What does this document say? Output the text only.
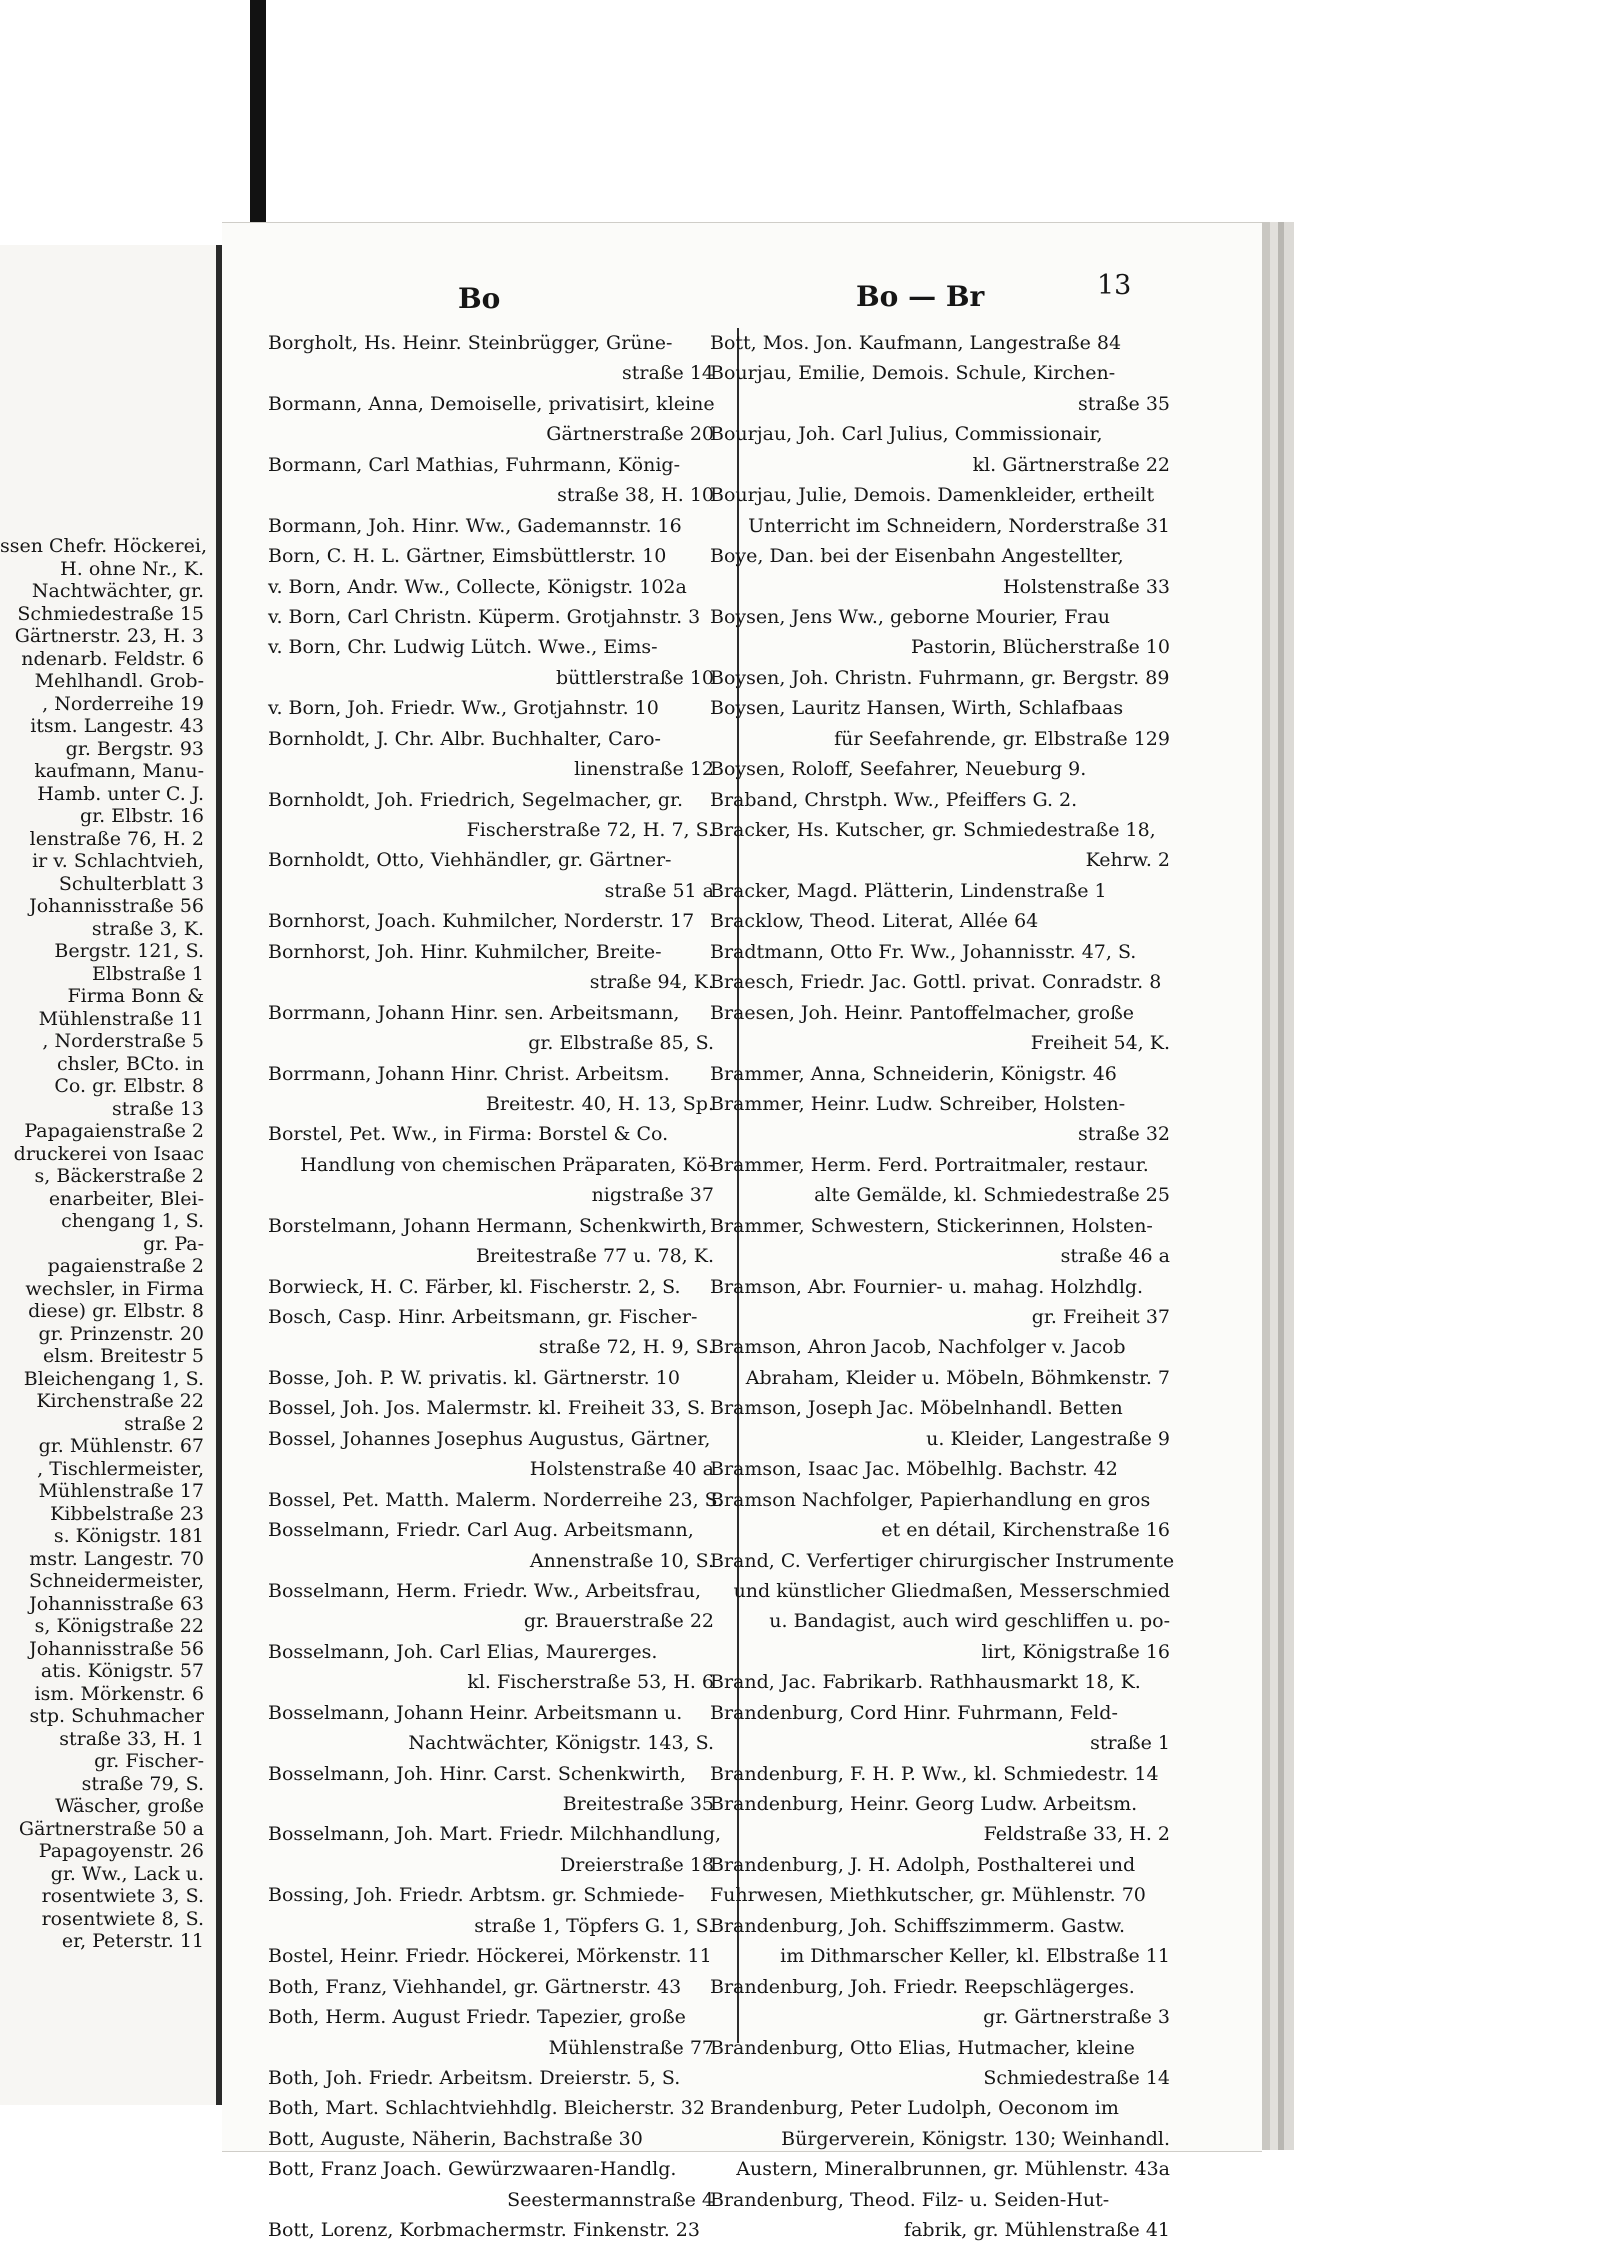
ssen Chefr. Höckerei,
H. ohne Nr., K.
Nachtwächter, gr.
Schmiedestraße 15
Gärtnerstr. 23, H. 3
ndenarb. Feldstr. 6
Mehlhandl. Grob-
, Norderreihe 19
itsm. Langestr. 43
gr. Bergstr. 93
kaufmann, Manu-
Hamb. unter C. J.
gr. Elbstr. 16
lenstraße 76, H. 2
ir v. Schlachtvieh,
Schulterblatt 3
Johannisstraße 56
straße 3, K.
Bergstr. 121, S.
Elbstraße 1
Firma Bonn &
Mühlenstraße 11
, Norderstraße 5
chsler, BCto. in
Co. gr. Elbstr. 8
straße 13
Papagaienstraße 2
druckerei von Isaac
s, Bäckerstraße 2
enarbeiter, Blei-
chengang 1, S.
gr. Pa-
pagaienstraße 2
wechsler, in Firma
diese) gr. Elbstr. 8
gr. Prinzenstr. 20
elsm. Breitestr 5
Bleichengang 1, S.
Kirchenstraße 22
straße 2
gr. Mühlenstr. 67
, Tischlermeister,
Mühlenstraße 17
Kibbelstraße 23
s. Königstr. 181
mstr. Langestr. 70
Schneidermeister,
Johannisstraße 63
s, Königstraße 22
Johannisstraße 56
atis. Königstr. 57
ism. Mörkenstr. 6
stp. Schuhmacher
straße 33, H. 1
gr. Fischer-
straße 79, S.
Wäscher, große
Gärtnerstraße 50 a
Papagoyenstr. 26
gr. Ww., Lack u.
rosentwiete 3, S.
rosentwiete 8, S.
er, Peterstr. 11
Bo	Bo — Br	13
Borgholt, Hs. Heinr. Steinbrügger, Grüne-
straße 14
Bormann, Anna, Demoiselle, privatisirt, kleine
Gärtnerstraße 20
Bormann, Carl Mathias, Fuhrmann, König-
straße 38, H. 10
Bormann, Joh. Hinr. Ww., Gademannstr. 16
Born, C. H. L. Gärtner, Eimsbüttlerstr. 10
v. Born, Andr. Ww., Collecte, Königstr. 102a
v. Born, Carl Christn. Küperm. Grotjahnstr. 3
v. Born, Chr. Ludwig Lütch. Wwe., Eims-
büttlerstraße 10
v. Born, Joh. Friedr. Ww., Grotjahnstr. 10
Bornholdt, J. Chr. Albr. Buchhalter, Caro-
linenstraße 12
Bornholdt, Joh. Friedrich, Segelmacher, gr.
Fischerstraße 72, H. 7, S.
Bornholdt, Otto, Viehhändler, gr. Gärtner-
straße 51 a
Bornhorst, Joach. Kuhmilcher, Norderstr. 17
Bornhorst, Joh. Hinr. Kuhmilcher, Breite-
straße 94, K.
Borrmann, Johann Hinr. sen. Arbeitsmann,
gr. Elbstraße 85, S.
Borrmann, Johann Hinr. Christ. Arbeitsm.
Breitestr. 40, H. 13, Sp.
Borstel, Pet. Ww., in Firma: Borstel & Co.
Handlung von chemischen Präparaten, Kö-
nigstraße 37
Borstelmann, Johann Hermann, Schenkwirth,
Breitestraße 77 u. 78, K.
Borwieck, H. C. Färber, kl. Fischerstr. 2, S.
Bosch, Casp. Hinr. Arbeitsmann, gr. Fischer-
straße 72, H. 9, S.
Bosse, Joh. P. W. privatis. kl. Gärtnerstr. 10
Bossel, Joh. Jos. Malermstr. kl. Freiheit 33, S.
Bossel, Johannes Josephus Augustus, Gärtner,
Holstenstraße 40 a
Bossel, Pet. Matth. Malerm. Norderreihe 23, S.
Bosselmann, Friedr. Carl Aug. Arbeitsmann,
Annenstraße 10, S.
Bosselmann, Herm. Friedr. Ww., Arbeitsfrau,
gr. Brauerstraße 22
Bosselmann, Joh. Carl Elias, Maurerges.
kl. Fischerstraße 53, H. 6
Bosselmann, Johann Heinr. Arbeitsmann u.
Nachtwächter, Königstr. 143, S.
Bosselmann, Joh. Hinr. Carst. Schenkwirth,
Breitestraße 35
Bosselmann, Joh. Mart. Friedr. Milchhandlung,
Dreierstraße 18
Bossing, Joh. Friedr. Arbtsm. gr. Schmiede-
straße 1, Töpfers G. 1, S.
Bostel, Heinr. Friedr. Höckerei, Mörkenstr. 11
Both, Franz, Viehhandel, gr. Gärtnerstr. 43
Both, Herm. August Friedr. Tapezier, große
Mühlenstraße 77
Both, Joh. Friedr. Arbeitsm. Dreierstr. 5, S.
Both, Mart. Schlachtviehhdlg. Bleicherstr. 32
Bott, Auguste, Näherin, Bachstraße 30
Bott, Franz Joach. Gewürzwaaren-Handlg.
Seestermannstraße 4
Bott, Lorenz, Korbmachermstr. Finkenstr. 23
Bott, Mos. Jon. Kaufmann, Langestraße 84
Bourjau, Emilie, Demois. Schule, Kirchen-
straße 35
Bourjau, Joh. Carl Julius, Commissionair,
kl. Gärtnerstraße 22
Bourjau, Julie, Demois. Damenkleider, ertheilt
Unterricht im Schneidern, Norderstraße 31
Boye, Dan. bei der Eisenbahn Angestellter,
Holstenstraße 33
Boysen, Jens Ww., geborne Mourier, Frau
Pastorin, Blücherstraße 10
Boysen, Joh. Christn. Fuhrmann, gr. Bergstr. 89
Boysen, Lauritz Hansen, Wirth, Schlafbaas
für Seefahrende, gr. Elbstraße 129
Boysen, Roloff, Seefahrer, Neueburg 9.
Braband, Chrstph. Ww., Pfeiffers G. 2.
Bracker, Hs. Kutscher, gr. Schmiedestraße 18,
Kehrw. 2
Bracker, Magd. Plätterin, Lindenstraße 1
Bracklow, Theod. Literat, Allée 64
Bradtmann, Otto Fr. Ww., Johannisstr. 47, S.
Braesch, Friedr. Jac. Gottl. privat. Conradstr. 8
Braesen, Joh. Heinr. Pantoffelmacher, große
Freiheit 54, K.
Brammer, Anna, Schneiderin, Königstr. 46
Brammer, Heinr. Ludw. Schreiber, Holsten-
straße 32
Brammer, Herm. Ferd. Portraitmaler, restaur.
alte Gemälde, kl. Schmiedestraße 25
Brammer, Schwestern, Stickerinnen, Holsten-
straße 46 a
Bramson, Abr. Fournier- u. mahag. Holzhdlg.
gr. Freiheit 37
Bramson, Ahron Jacob, Nachfolger v. Jacob
Abraham, Kleider u. Möbeln, Böhmkenstr. 7
Bramson, Joseph Jac. Möbelnhandl. Betten
u. Kleider, Langestraße 9
Bramson, Isaac Jac. Möbelhlg. Bachstr. 42
Bramson Nachfolger, Papierhandlung en gros
et en détail, Kirchenstraße 16
Brand, C. Verfertiger chirurgischer Instrumente
und künstlicher Gliedmaßen, Messerschmied
u. Bandagist, auch wird geschliffen u. po-
lirt, Königstraße 16
Brand, Jac. Fabrikarb. Rathhausmarkt 18, K.
Brandenburg, Cord Hinr. Fuhrmann, Feld-
straße 1
Brandenburg, F. H. P. Ww., kl. Schmiedestr. 14
Brandenburg, Heinr. Georg Ludw. Arbeitsm.
Feldstraße 33, H. 2
Brandenburg, J. H. Adolph, Posthalterei und
Fuhrwesen, Miethkutscher, gr. Mühlenstr. 70
Brandenburg, Joh. Schiffszimmerm. Gastw.
im Dithmarscher Keller, kl. Elbstraße 11
Brandenburg, Joh. Friedr. Reepschlägerges.
gr. Gärtnerstraße 3
Brandenburg, Otto Elias, Hutmacher, kleine
Schmiedestraße 14
Brandenburg, Peter Ludolph, Oeconom im
Bürgerverein, Königstr. 130; Weinhandl.
Austern, Mineralbrunnen, gr. Mühlenstr. 43a
Brandenburg, Theod. Filz- u. Seiden-Hut-
fabrik, gr. Mühlenstraße 41
